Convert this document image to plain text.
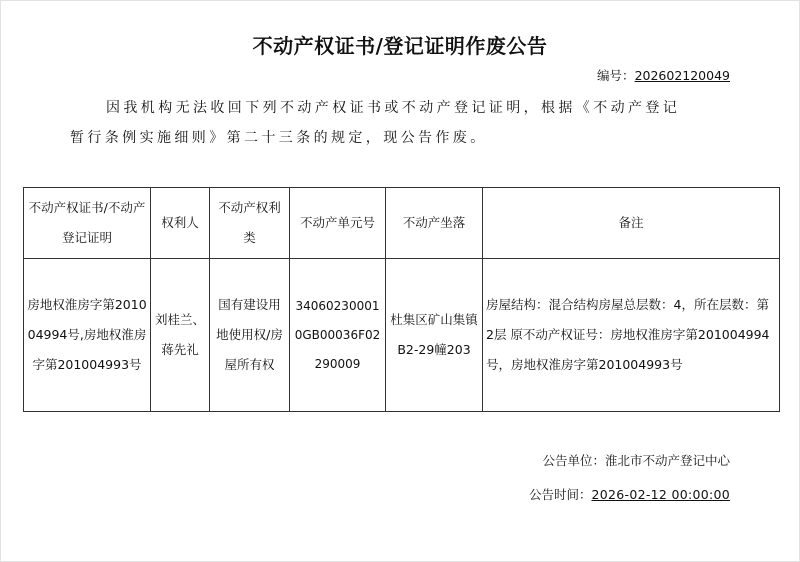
不动产权证书/登记证明作废公告
编号：202602120049
因我机构无法收回下列不动产权证书或不动产登记证明，根据《不动产登记
暂行条例实施细则》第二十三条的规定，现公告作废。
不动产权证书/不动产登记证明	权利人	不动产权利类	不动产单元号	不动产坐落	备注
房地权淮房字第201004994号,房地权淮房字第201004993号	刘桂兰、蒋先礼	国有建设用地使用权/房屋所有权	340602300010GB00036F02290009	杜集区矿山集镇B2-29幢203	房屋结构：混合结构房屋总层数：4，所在层数：第2层 原不动产权证号：房地权淮房字第201004994号，房地权淮房字第201004993号
公告单位：淮北市不动产登记中心
公告时间：2026-02-12 00:00:00
